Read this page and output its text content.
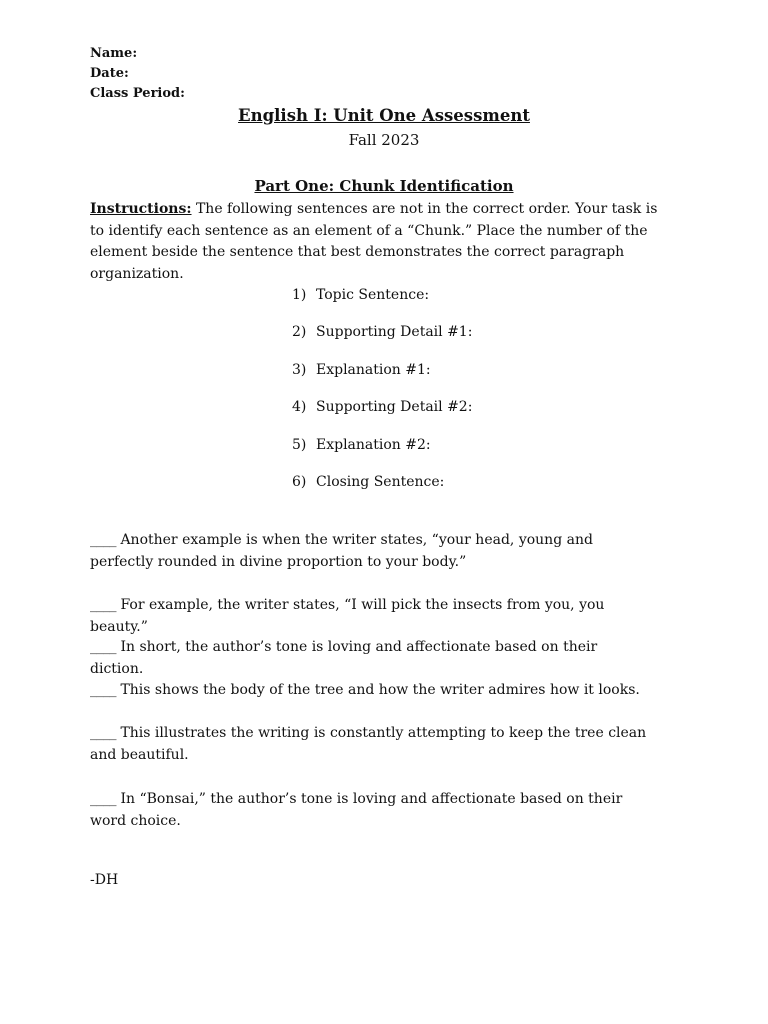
Name:
Date:
Class Period:
English I: Unit One Assessment
Fall 2023
Part One: Chunk Identification
Instructions: The following sentences are not in the correct order. Your task is to identify each sentence as an element of a “Chunk.” Place the number of the element beside the sentence that best demonstrates the correct paragraph organization.
1) Topic Sentence:
2) Supporting Detail #1:
3) Explanation #1:
4) Supporting Detail #2:
5) Explanation #2:
6) Closing Sentence:
____ Another example is when the writer states, “your head, young and perfectly rounded in divine proportion to your body.”
____ For example, the writer states, “I will pick the insects from you, you beauty.”
____ In short, the author’s tone is loving and affectionate based on their diction.
____ This shows the body of the tree and how the writer admires how it looks.
____ This illustrates the writing is constantly attempting to keep the tree clean and beautiful.
____ In “Bonsai,” the author’s tone is loving and affectionate based on their word choice.
-DH
